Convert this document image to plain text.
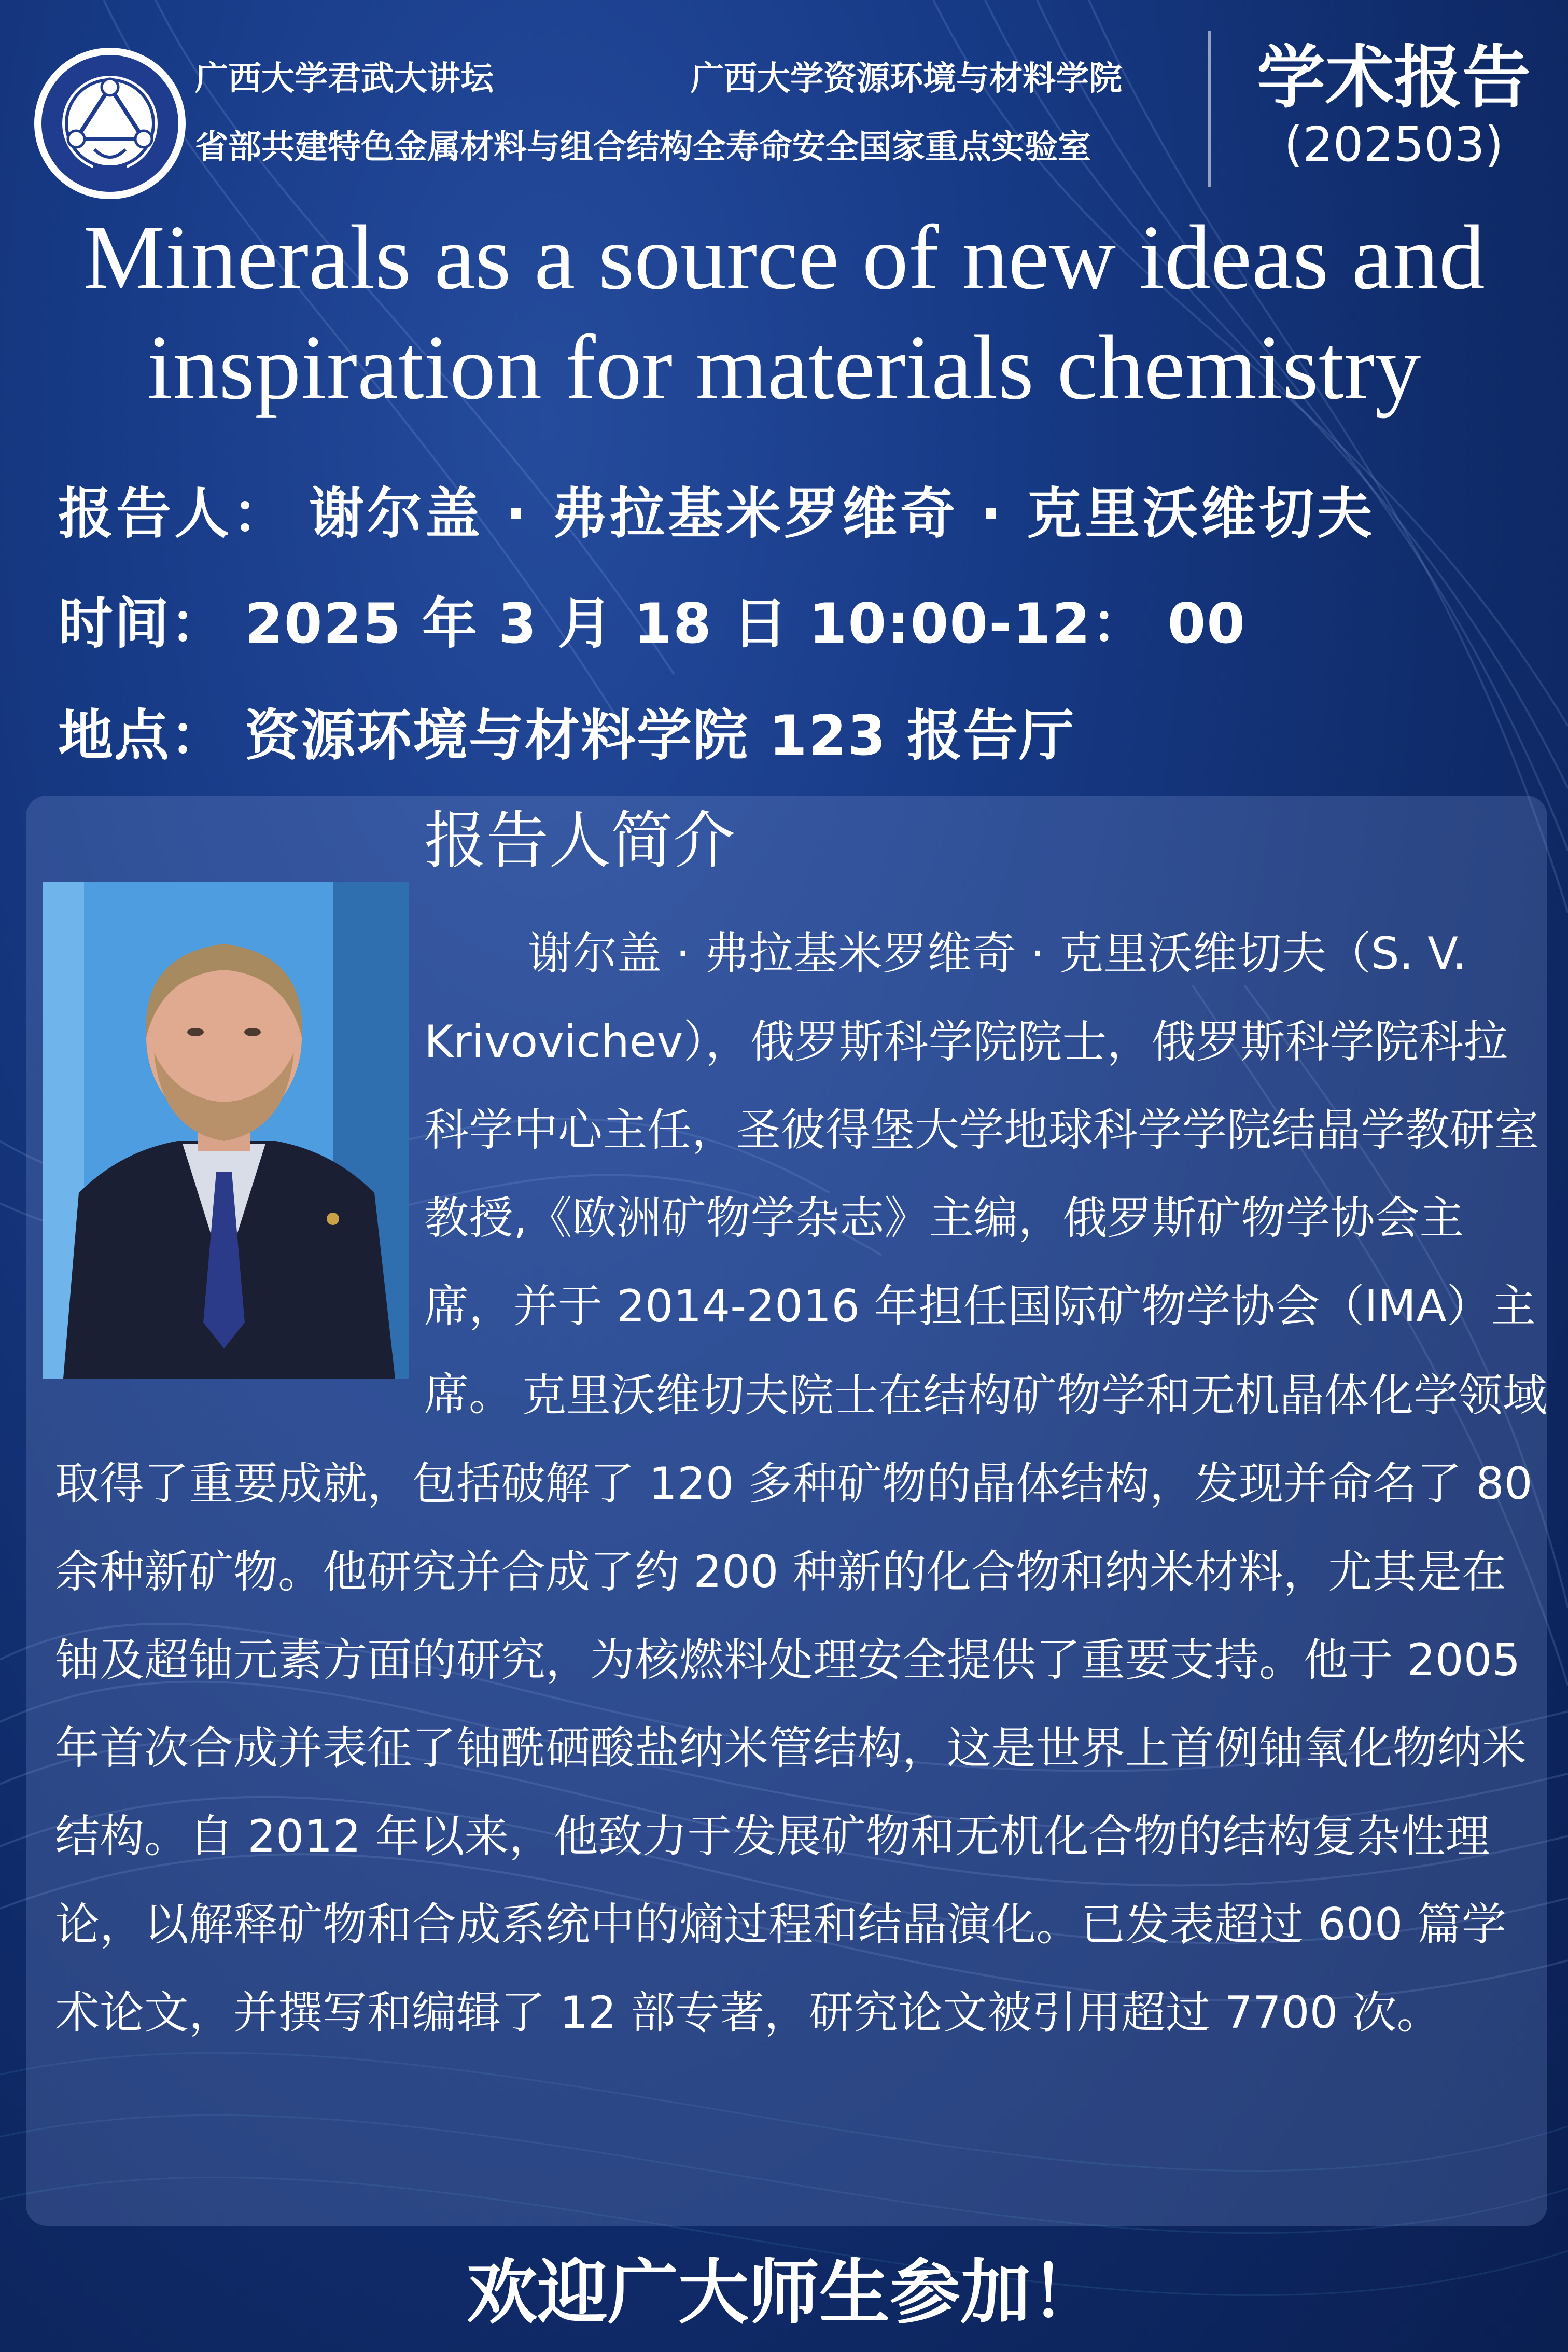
广西大学君武大讲坛	广西大学资源环境与材料学院
省部共建特色金属材料与组合结构全寿命安全国家重点实验室
学术报告
(202503)
Minerals as a source of new ideas and
inspiration for materials chemistry
报告人： 谢尔盖 · 弗拉基米罗维奇 · 克里沃维切夫
时间： 2025 年 3 月 18 日 10:00-12： 00
地点： 资源环境与材料学院 123 报告厅
报告人简介

谢尔盖 · 弗拉基米罗维奇 · 克里沃维切夫（S. V. Krivovichev），俄罗斯科学院院士，俄罗斯科学院科拉科学中心主任，圣彼得堡大学地球科学学院结晶学教研室教授,《欧洲矿物学杂志》主编，俄罗斯矿物学协会主席，并于 2014-2016 年担任国际矿物学协会（IMA）主席。 克里沃维切夫院士在结构矿物学和无机晶体化学领域取得了重要成就，包括破解了 120 多种矿物的晶体结构，发现并命名了 80 余种新矿物。他研究并合成了约 200 种新的化合物和纳米材料，尤其是在铀及超铀元素方面的研究，为核燃料处理安全提供了重要支持。他于 2005 年首次合成并表征了铀酰硒酸盐纳米管结构，这是世界上首例铀氧化物纳米结构。自 2012 年以来，他致力于发展矿物和无机化合物的结构复杂性理论，以解释矿物和合成系统中的熵过程和结晶演化。已发表超过 600 篇学术论文，并撰写和编辑了 12 部专著，研究论文被引用超过 7700 次。

欢迎广大师生参加！
